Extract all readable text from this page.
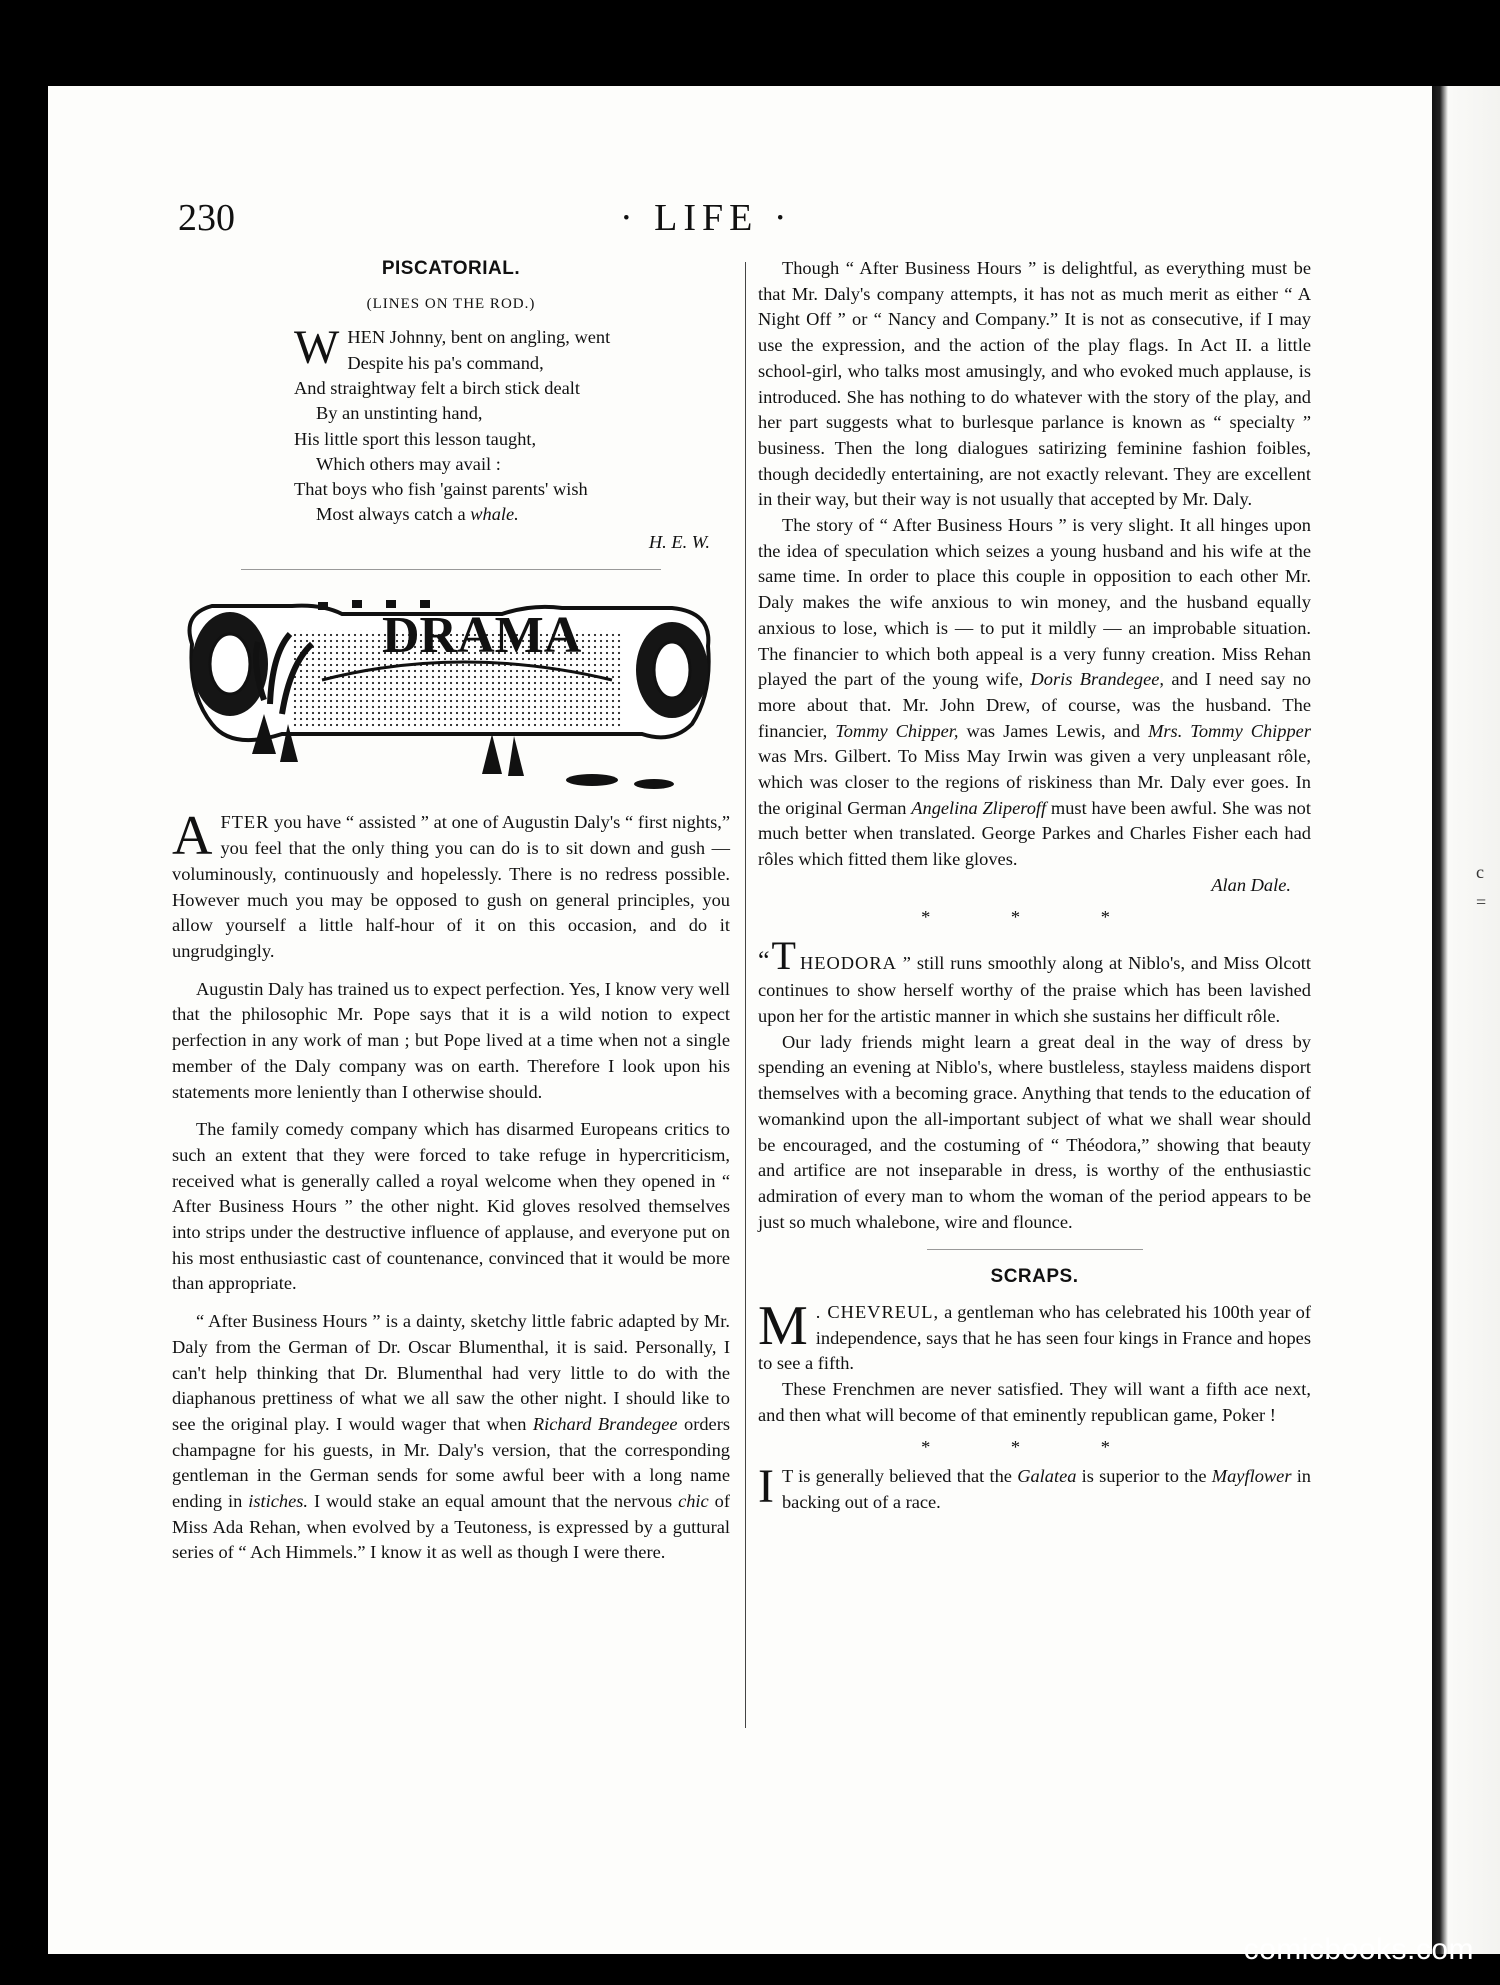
c
=
230	· LIFE ·
PISCATORIAL.
(LINES ON THE ROD.)
W HEN Johnny, bent on angling, went
Despite his pa's command,
And straightway felt a birch stick dealt
By an unstinting hand,
His little sport this lesson taught,
Which others may avail :
That boys who fish 'gainst parents' wish
Most always catch a whale.
H. E. W.
DRAMA

AFTER you have “ assisted ” at one of Augustin Daly's “ first nights,” you feel that the only thing you can do is to sit down and gush — voluminously, continuously and hopelessly. There is no redress possible. However much you may be opposed to gush on general principles, you allow yourself a little half-hour of it on this occasion, and do it ungrudgingly.

Augustin Daly has trained us to expect perfection. Yes, I know very well that the philosophic Mr. Pope says that it is a wild notion to expect perfection in any work of man ; but Pope lived at a time when not a single member of the Daly company was on earth. Therefore I look upon his statements more leniently than I otherwise should.

The family comedy company which has disarmed Europeans critics to such an extent that they were forced to take refuge in hypercriticism, received what is generally called a royal welcome when they opened in “ After Business Hours ” the other night. Kid gloves resolved themselves into strips under the destructive influence of applause, and everyone put on his most enthusiastic cast of countenance, convinced that it would be more than appropriate.

“ After Business Hours ” is a dainty, sketchy little fabric adapted by Mr. Daly from the German of Dr. Oscar Blumenthal, it is said. Personally, I can't help thinking that Dr. Blumenthal had very little to do with the diaphanous prettiness of what we all saw the other night. I should like to see the original play. I would wager that when Richard Brandegee orders champagne for his guests, in Mr. Daly's version, that the corresponding gentleman in the German sends for some awful beer with a long name ending in istiches. I would stake an equal amount that the nervous chic of Miss Ada Rehan, when evolved by a Teutoness, is expressed by a guttural series of “ Ach Himmels.” I know it as well as though I were there.

Though “ After Business Hours ” is delightful, as everything must be that Mr. Daly's company attempts, it has not as much merit as either “ A Night Off ” or “ Nancy and Company.” It is not as consecutive, if I may use the expression, and the action of the play flags. In Act II. a little school-girl, who talks most amusingly, and who evoked much applause, is introduced. She has nothing to do whatever with the story of the play, and her part suggests what to burlesque parlance is known as “ specialty ” business. Then the long dialogues satirizing feminine fashion foibles, though decidedly entertaining, are not exactly relevant. They are excellent in their way, but their way is not usually that accepted by Mr. Daly.

The story of “ After Business Hours ” is very slight. It all hinges upon the idea of speculation which seizes a young husband and his wife at the same time. In order to place this couple in opposition to each other Mr. Daly makes the wife anxious to win money, and the husband equally anxious to lose, which is — to put it mildly — an improbable situation. The financier to which both appeal is a very funny creation. Miss Rehan played the part of the young wife, Doris Brandegee, and I need say no more about that. Mr. John Drew, of course, was the husband. The financier, Tommy Chipper, was James Lewis, and Mrs. Tommy Chipper was Mrs. Gilbert. To Miss May Irwin was given a very unpleasant rôle, which was closer to the regions of riskiness than Mr. Daly ever goes. In the original German Angelina Zliperoff must have been awful. She was not much better when translated. George Parkes and Charles Fisher each had rôles which fitted them like gloves.

Alan Dale.
* * *

“T HEODORA ” still runs smoothly along at Niblo's, and Miss Olcott continues to show herself worthy of the praise which has been lavished upon her for the artistic manner in which she sustains her difficult rôle.

Our lady friends might learn a great deal in the way of dress by spending an evening at Niblo's, where bustleless, stayless maidens disport themselves with a becoming grace. Anything that tends to the education of womankind upon the all-important subject of what we shall wear should be encouraged, and the costuming of “ Théodora,” showing that beauty and artifice are not inseparable in dress, is worthy of the enthusiastic admiration of every man to whom the woman of the period appears to be just so much whalebone, wire and flounce.

SCRAPS.

M . CHEVREUL, a gentleman who has celebrated his 100th year of independence, says that he has seen four kings in France and hopes to see a fifth.

These Frenchmen are never satisfied. They will want a fifth ace next, and then what will become of that eminently republican game, Poker !

* * *

I T is generally believed that the Galatea is superior to the Mayflower in backing out of a race.

comicbooks.com
